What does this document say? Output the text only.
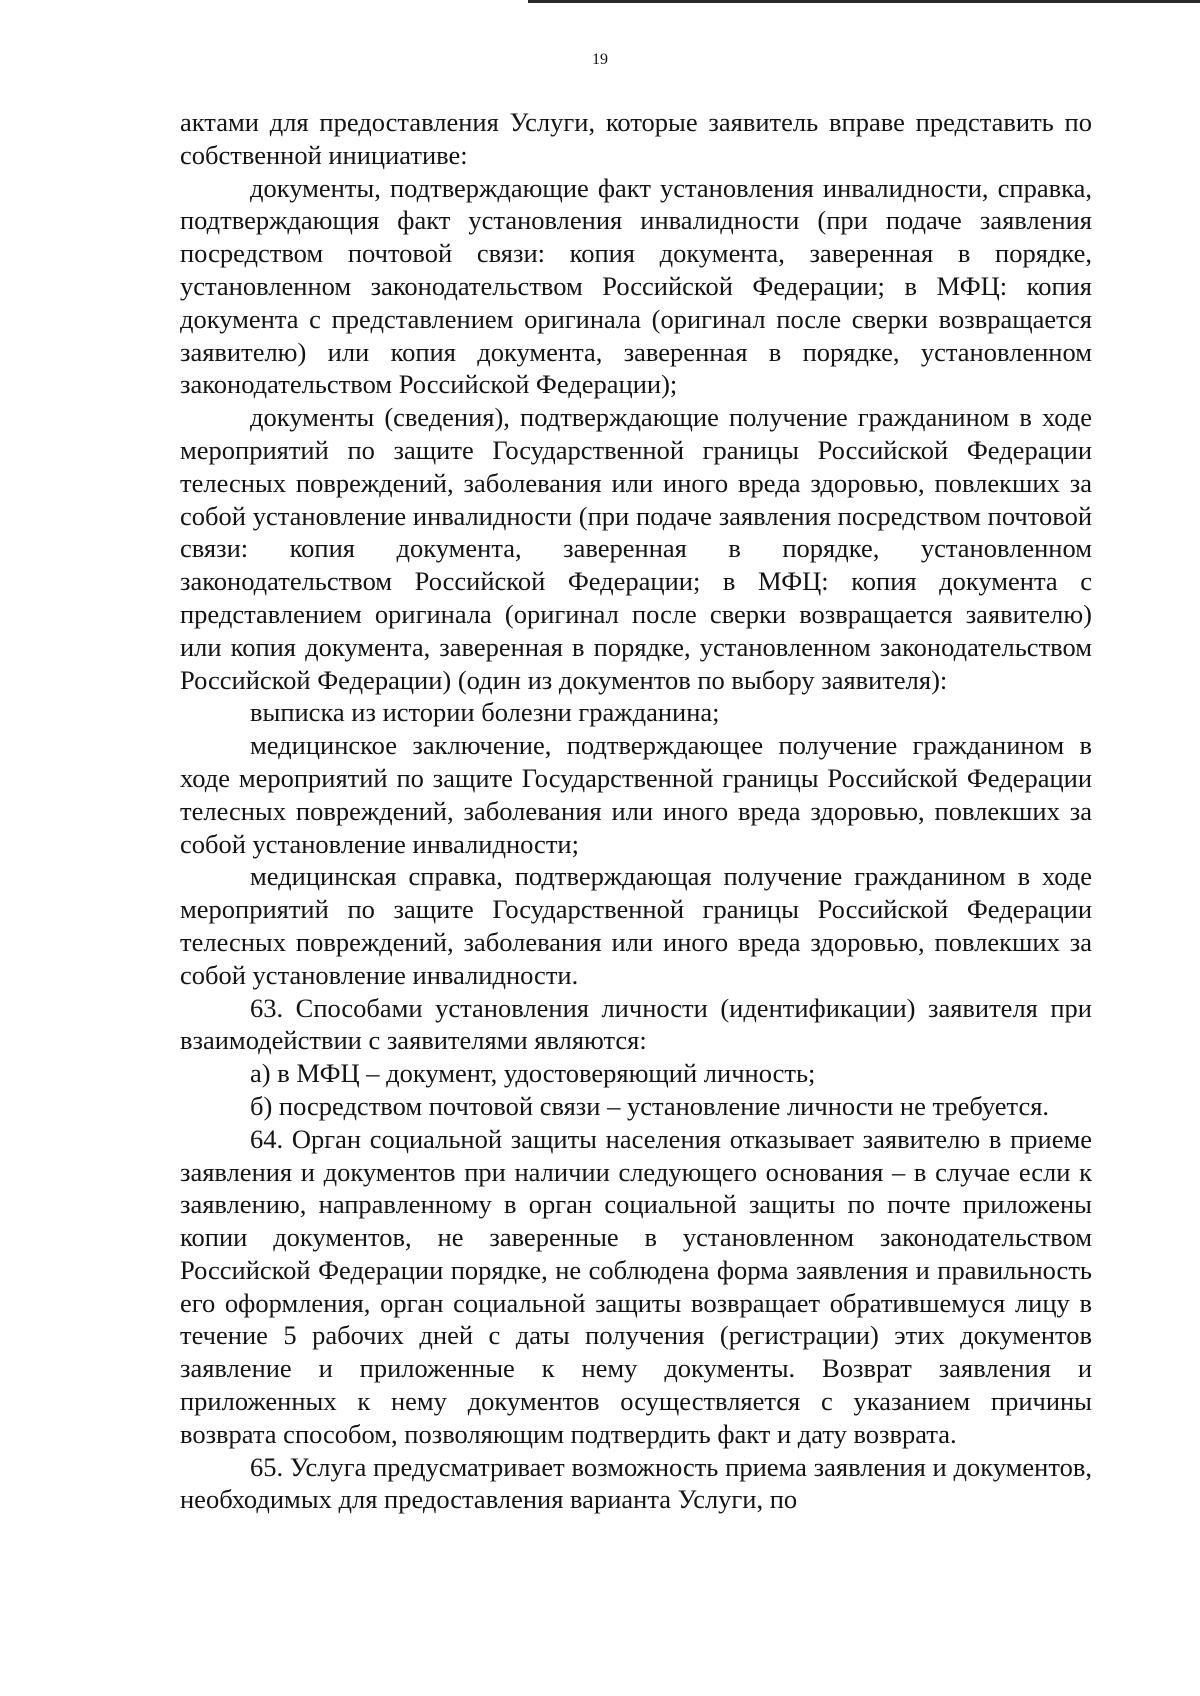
19

актами для предоставления Услуги, которые заявитель вправе представить по собственной инициативе:

документы, подтверждающие факт установления инвалидности, справка, подтверждающия факт установления инвалидности (при подаче заявления посредством почтовой связи: копия документа, заверенная в порядке, установленном законодательством Российской Федерации; в МФЦ: копия документа с представлением оригинала (оригинал после сверки возвращается заявителю) или копия документа, заверенная в порядке, установленном законодательством Российской Федерации);

документы (сведения), подтверждающие получение гражданином в ходе мероприятий по защите Государственной границы Российской Федерации телесных повреждений, заболевания или иного вреда здоровью, повлекших за собой установление инвалидности (при подаче заявления посредством почтовой связи: копия документа, заверенная в порядке, установленном законодательством Российской Федерации; в МФЦ: копия документа с представлением оригинала (оригинал после сверки возвращается заявителю) или копия документа, заверенная в порядке, установленном законодательством Российской Федерации) (один из документов по выбору заявителя):

выписка из истории болезни гражданина;

медицинское заключение, подтверждающее получение гражданином в ходе мероприятий по защите Государственной границы Российской Федерации телесных повреждений, заболевания или иного вреда здоровью, повлекших за собой установление инвалидности;

медицинская справка, подтверждающая получение гражданином в ходе мероприятий по защите Государственной границы Российской Федерации телесных повреждений, заболевания или иного вреда здоровью, повлекших за собой установление инвалидности.

63. Способами установления личности (идентификации) заявителя при взаимодействии с заявителями являются:

а) в МФЦ – документ, удостоверяющий личность;

б) посредством почтовой связи – установление личности не требуется.

64. Орган социальной защиты населения отказывает заявителю в приеме заявления и документов при наличии следующего основания – в случае если к заявлению, направленному в орган социальной защиты по почте приложены копии документов, не заверенные в установленном законодательством Российской Федерации порядке, не соблюдена форма заявления и правильность его оформления, орган социальной защиты возвращает обратившемуся лицу в течение 5 рабочих дней с даты получения (регистрации) этих документов заявление и приложенные к нему документы. Возврат заявления и приложенных к нему документов осуществляется с указанием причины возврата способом, позволяющим подтвердить факт и дату возврата.

65. Услуга предусматривает возможность приема заявления и документов, необходимых для предоставления варианта Услуги, по
